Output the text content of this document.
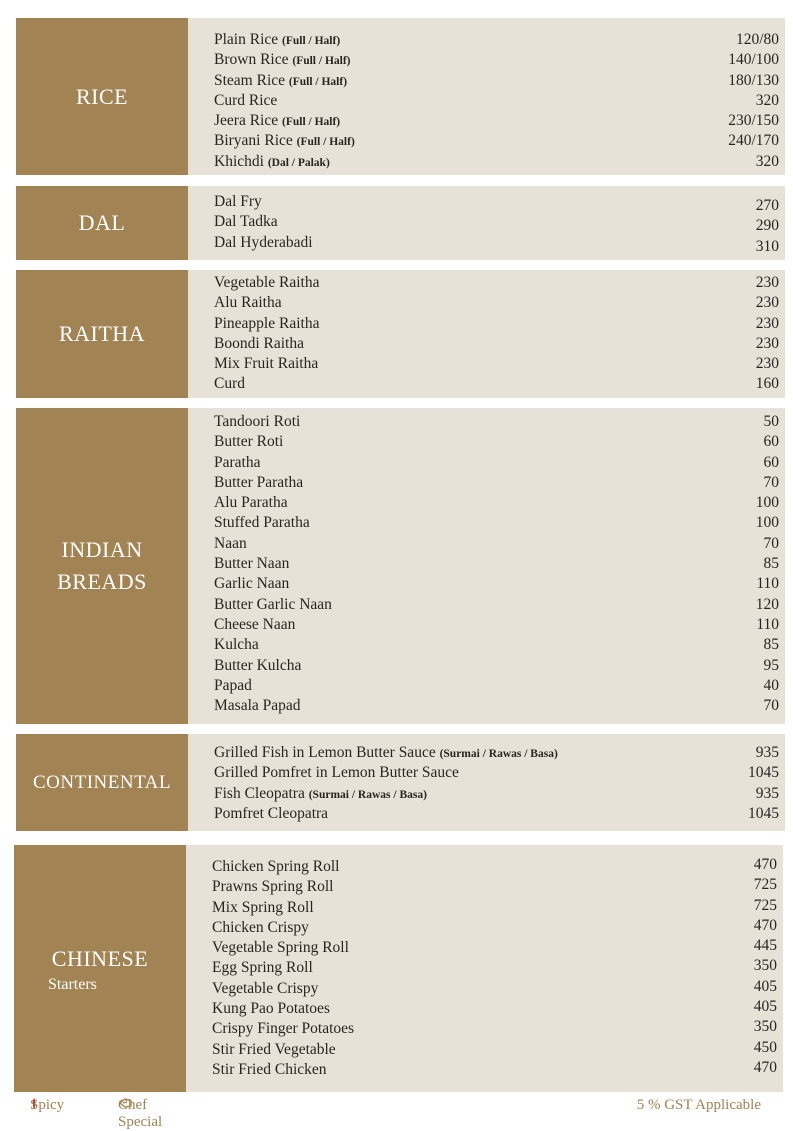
RICE
Plain Rice (Full / Half)	120/80
Brown Rice (Full / Half)	140/100
Steam Rice (Full / Half)	180/130
Curd Rice	320
Jeera Rice (Full / Half)	230/150
Biryani Rice (Full / Half)	240/170
Khichdi (Dal / Palak)	320
DAL
Dal Fry	270
Dal Tadka	290
Dal Hyderabadi	310
RAITHA
Vegetable Raitha	230
Alu Raitha	230
Pineapple Raitha	230
Boondi Raitha	230
Mix Fruit Raitha	230
Curd	160
INDIAN
BREADS
Tandoori Roti	50
Butter Roti	60
Paratha	60
Butter Paratha	70
Alu Paratha	100
Stuffed Paratha	100
Naan	70
Butter Naan	85
Garlic Naan	110
Butter Garlic Naan	120
Cheese Naan	110
Kulcha	85
Butter Kulcha	95
Papad	40
Masala Papad	70
CONTINENTAL
Grilled Fish in Lemon Butter Sauce (Surmai / Rawas / Basa)	935
Grilled Pomfret in Lemon Butter Sauce	1045
Fish Cleopatra (Surmai / Rawas / Basa)	935
Pomfret Cleopatra	1045
CHINESE
Starters
Chicken Spring Roll	470
Prawns Spring Roll	725
Mix Spring Roll	725
Chicken Crispy	470
Vegetable Spring Roll	445
Egg Spring Roll	350
Vegetable Crispy	405
Kung Pao Potatoes	405
Crispy Finger Potatoes	350
Stir Fried Vegetable	450
Stir Fried Chicken	470
Spicy	Chef Special
5 % GST Applicable
